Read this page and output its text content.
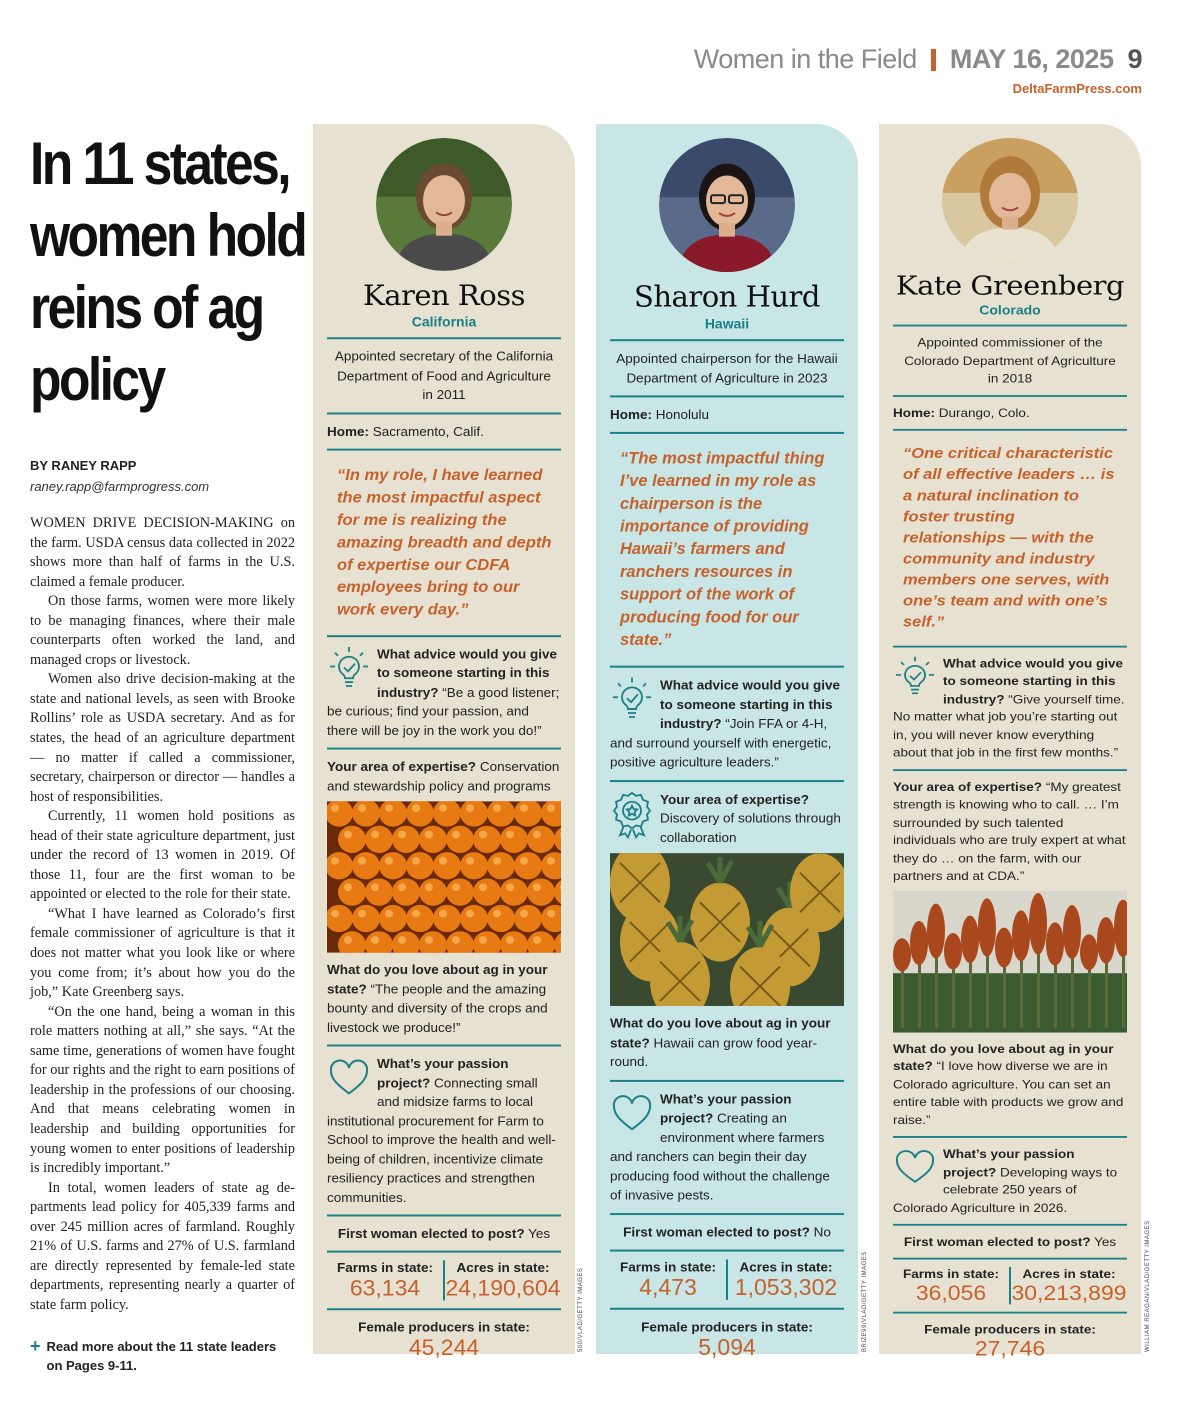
Women in the Field MAY 16, 2025 9
DeltaFarmPress.com
In 11 states, women hold reins of ag policy
BY RANEY RAPP
raney.rapp@farmprogress.com

WOMEN DRIVE DECISION-MAKING on the farm. USDA census data collected in 2022 shows more than half of farms in the U.S. claimed a female producer.

On those farms, women were more likely to be managing finances, where their male counterparts often worked the land, and managed crops or livestock.

Women also drive decision-making at the state and national levels, as seen with Brooke Rollins’ role as USDA secretary. And as for states, the head of an agriculture department — no matter if called a commissioner, secretary, chairperson or director — handles a host of responsibilities.

Currently, 11 women hold positions as head of their state agriculture department, just under the record of 13 women in 2019. Of those 11, four are the first woman to be appointed or elected to the role for their state.

“What I have learned as Colorado’s first female commissioner of agriculture is that it does not matter what you look like or where you come from; it’s about how you do the job,” Kate Greenberg says.

“On the one hand, being a woman in this role matters nothing at all,” she says. “At the same time, generations of women have fought for our rights and the right to earn positions of leadership in the professions of our choosing. And that means celebrating women in leadership and building opportunities for young women to enter positions of leadership is incredibly important.”

In total, women leaders of state ag departments lead policy for 405,339 farms and over 245 million acres of farmland. Roughly 21% of U.S. farms and 27% of U.S. farmland are directly represented by female-led state departments, representing nearly a quarter of state farm policy.

+ Read more about the 11 state leaders on Pages 9-11.
Karen Ross
California
Appointed secretary of the California Department of Food and Agriculture in 2011
Home: Sacramento, Calif.
“In my role, I have learned the most impactful aspect for me is realizing the amazing breadth and depth of expertise our CDFA employees bring to our work every day.”
What advice would you give to someone starting in this industry? “Be a good listener; be curious; find your passion, and there will be joy in the work you do!”
Your area of expertise? Conservation and stewardship policy and programs
What do you love about ag in your state? “The people and the amazing bounty and diversity of the crops and livestock we produce!”
What’s your passion project? Connecting small and midsize farms to local institutional procurement for Farm to School to improve the health and well-being of children, incentivize climate resiliency practices and strengthen communities.
First woman elected to post? Yes
Farms in state:
63,134
Acres in state:
24,190,604
Female producers in state:
45,244	500/VLAD/GETTY IMAGES
Sharon Hurd
Hawaii
Appointed chairperson for the Hawaii Department of Agriculture in 2023
Home: Honolulu
“The most impactful thing I’ve learned in my role as chairperson is the importance of providing Hawaii’s farmers and ranchers resources in support of the work of producing food for our state.”
What advice would you give to someone starting in this industry? “Join FFA or 4-H, and surround yourself with energetic, positive agriculture leaders.”
Your area of expertise? Discovery of solutions through collaboration
What do you love about ag in your state? Hawaii can grow food year-round.
What’s your passion project? Creating an environment where farmers and ranchers can begin their day producing food without the challenge of invasive pests.
First woman elected to post? No
Farms in state:
4,473
Acres in state:
1,053,302
Female producers in state:
5,094	BRIZE99/VLAD/GETTY IMAGES
Kate Greenberg
Colorado
Appointed commissioner of the Colorado Department of Agriculture in 2018
Home: Durango, Colo.
“One critical characteristic of all effective leaders … is a natural inclination to foster trusting relationships — with the community and industry members one serves, with one’s team and with one’s self.”
What advice would you give to someone starting in this industry? “Give yourself time. No matter what job you’re starting out in, you will never know everything about that job in the first few months.”
Your area of expertise? “My greatest strength is knowing who to call. … I’m surrounded by such talented individuals who are truly expert at what they do … on the farm, with our partners and at CDA.”
What do you love about ag in your state? “I love how diverse we are in Colorado agriculture. You can set an entire table with products we grow and raise.”
What’s your passion project? Developing ways to celebrate 250 years of Colorado Agriculture in 2026.
First woman elected to post? Yes
Farms in state:
36,056
Acres in state:
30,213,899
Female producers in state:
27,746	WILLIAM REAGAN/VLAD/GETTY IMAGES
